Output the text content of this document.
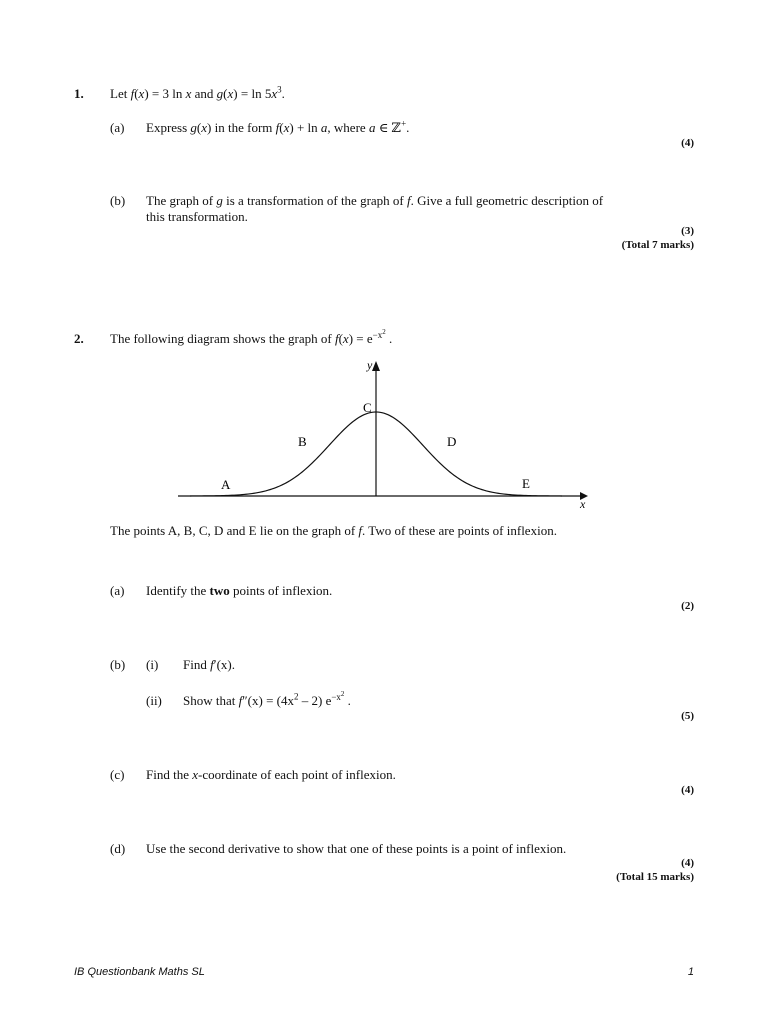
1. Let f(x) = 3 ln x and $g(x) = \ln 5x^3$.
(a) Express g(x) in the form f(x) + ln a, where a ∈ ℤ+.
(4)
(b) The graph of g is a transformation of the graph of f. Give a full geometric description of
this transformation.
(3)
(Total 7 marks)
2. The following diagram shows the graph of $f(x) = e^{-x^2}$ .
y
x
A
B
C
D
E
The points A, B, C, D and E lie on the graph of f. Two of these are points of inflexion.
(a) Identify the two points of inflexion.
(2)
(b) (i) Find f′(x).
(ii) Show that $f''(x) = (4x^2 - 2)$ $e^{-x^2}$ .
(5)
(c) Find the x-coordinate of each point of inflexion.
(4)
(d) Use the second derivative to show that one of these points is a point of inflexion.
(4)
(Total 15 marks)
IB Questionbank Maths SL	1
